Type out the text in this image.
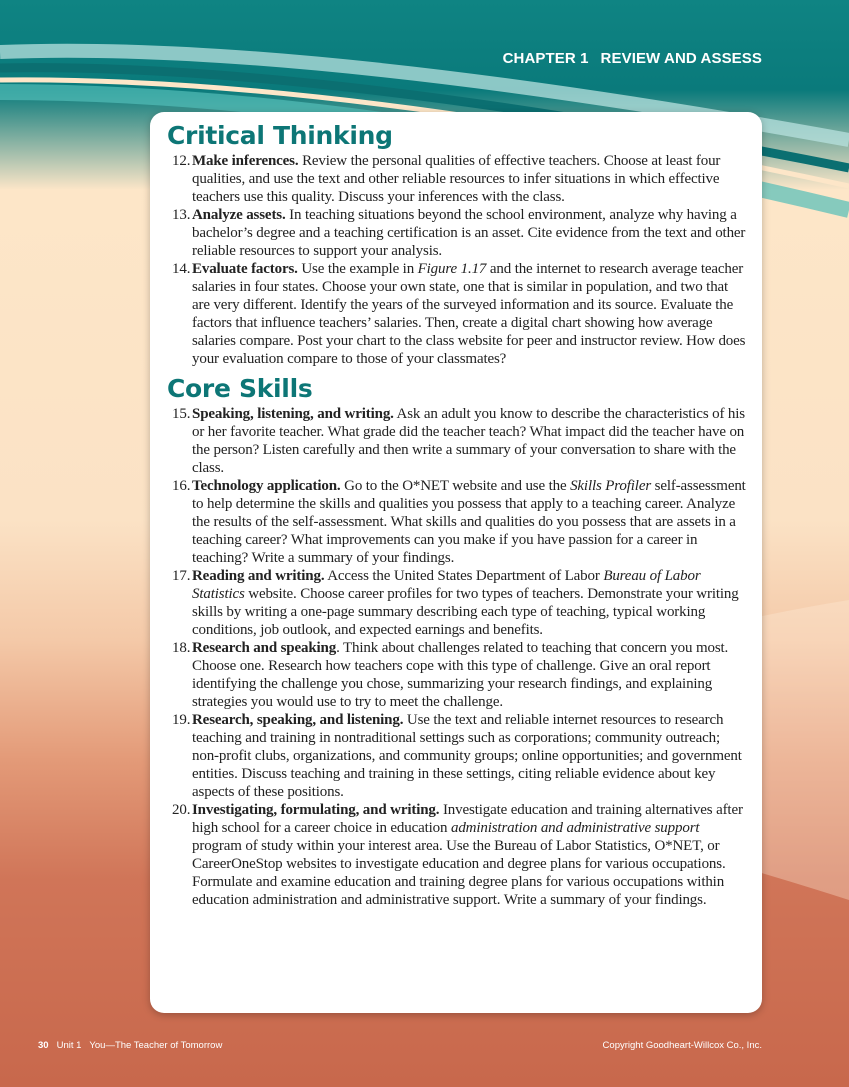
CHAPTER 1 REVIEW AND ASSESS
Critical Thinking
12. Make inferences. Review the personal qualities of effective teachers. Choose at least four qualities, and use the text and other reliable resources to infer situations in which effective teachers use this quality. Discuss your inferences with the class.
13. Analyze assets. In teaching situations beyond the school environment, analyze why having a bachelor’s degree and a teaching certification is an asset. Cite evidence from the text and other reliable resources to support your analysis.
14. Evaluate factors. Use the example in Figure 1.17 and the internet to research average teacher salaries in four states. Choose your own state, one that is similar in population, and two that are very different. Identify the years of the surveyed information and its source. Evaluate the factors that influence teachers’ salaries. Then, create a digital chart showing how average salaries compare. Post your chart to the class website for peer and instructor review. How does your evaluation compare to those of your classmates?
Core Skills
15. Speaking, listening, and writing. Ask an adult you know to describe the characteristics of his or her favorite teacher. What grade did the teacher teach? What impact did the teacher have on the person? Listen carefully and then write a summary of your conversation to share with the class.
16. Technology application. Go to the O*NET website and use the Skills Profiler self-assessment to help determine the skills and qualities you possess that apply to a teaching career. Analyze the results of the self-assessment. What skills and qualities do you possess that are assets in a teaching career? What improvements can you make if you have passion for a career in teaching? Write a summary of your findings.
17. Reading and writing. Access the United States Department of Labor Bureau of Labor Statistics website. Choose career profiles for two types of teachers. Demonstrate your writing skills by writing a one-page summary describing each type of teaching, typical working conditions, job outlook, and expected earnings and benefits.
18. Research and speaking. Think about challenges related to teaching that concern you most. Choose one. Research how teachers cope with this type of challenge. Give an oral report identifying the challenge you chose, summarizing your research findings, and explaining strategies you would use to try to meet the challenge.
19. Research, speaking, and listening. Use the text and reliable internet resources to research teaching and training in nontraditional settings such as corporations; community outreach; non-profit clubs, organizations, and community groups; online opportunities; and government entities. Discuss teaching and training in these settings, citing reliable evidence about key aspects of these positions.
20. Investigating, formulating, and writing. Investigate education and training alternatives after high school for a career choice in education administration and administrative support program of study within your interest area. Use the Bureau of Labor Statistics, O*NET, or CareerOneStop websites to investigate education and degree plans for various occupations. Formulate and examine education and training degree plans for various occupations within education administration and administrative support. Write a summary of your findings.
30 Unit 1 You—The Teacher of Tomorrow	Copyright Goodheart-Willcox Co., Inc.
